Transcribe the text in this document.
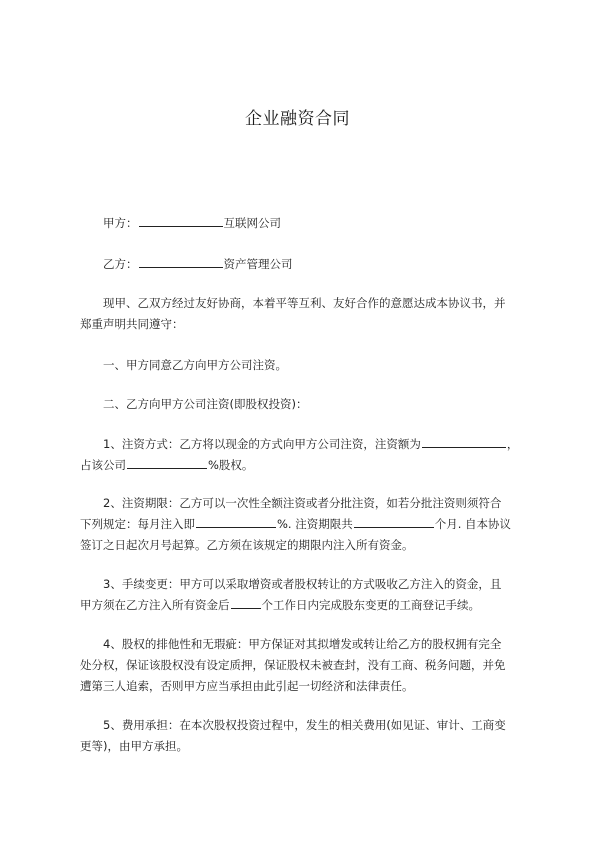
企业融资合同
甲方：	互联网公司
乙方：	资产管理公司
现甲、乙双方经过友好协商，本着平等互利、友好合作的意愿达成本协议书，并
郑重声明共同遵守：
一、甲方同意乙方向甲方公司注资。
二、乙方向甲方公司注资(即股权投资)：
1、注资方式：乙方将以现金的方式向甲方公司注资，注资额为	，
占该公司	%股权。
2、注资期限：乙方可以一次性全额注资或者分批注资，如若分批注资则须符合
下列规定：每月注入即	%. 注资期限共	个月. 自本协议
签订之日起次月号起算。乙方须在该规定的期限内注入所有资金。
3、手续变更：甲方可以采取增资或者股权转让的方式吸收乙方注入的资金，且
甲方须在乙方注入所有资金后	个工作日内完成股东变更的工商登记手续。
4、股权的排他性和无瑕疵：甲方保证对其拟增发或转让给乙方的股权拥有完全
处分权，保证该股权没有设定质押，保证股权未被查封，没有工商、税务问题，并免
遭第三人追索，否则甲方应当承担由此引起一切经济和法律责任。
5、费用承担：在本次股权投资过程中，发生的相关费用(如见证、审计、工商变
更等)，由甲方承担。
